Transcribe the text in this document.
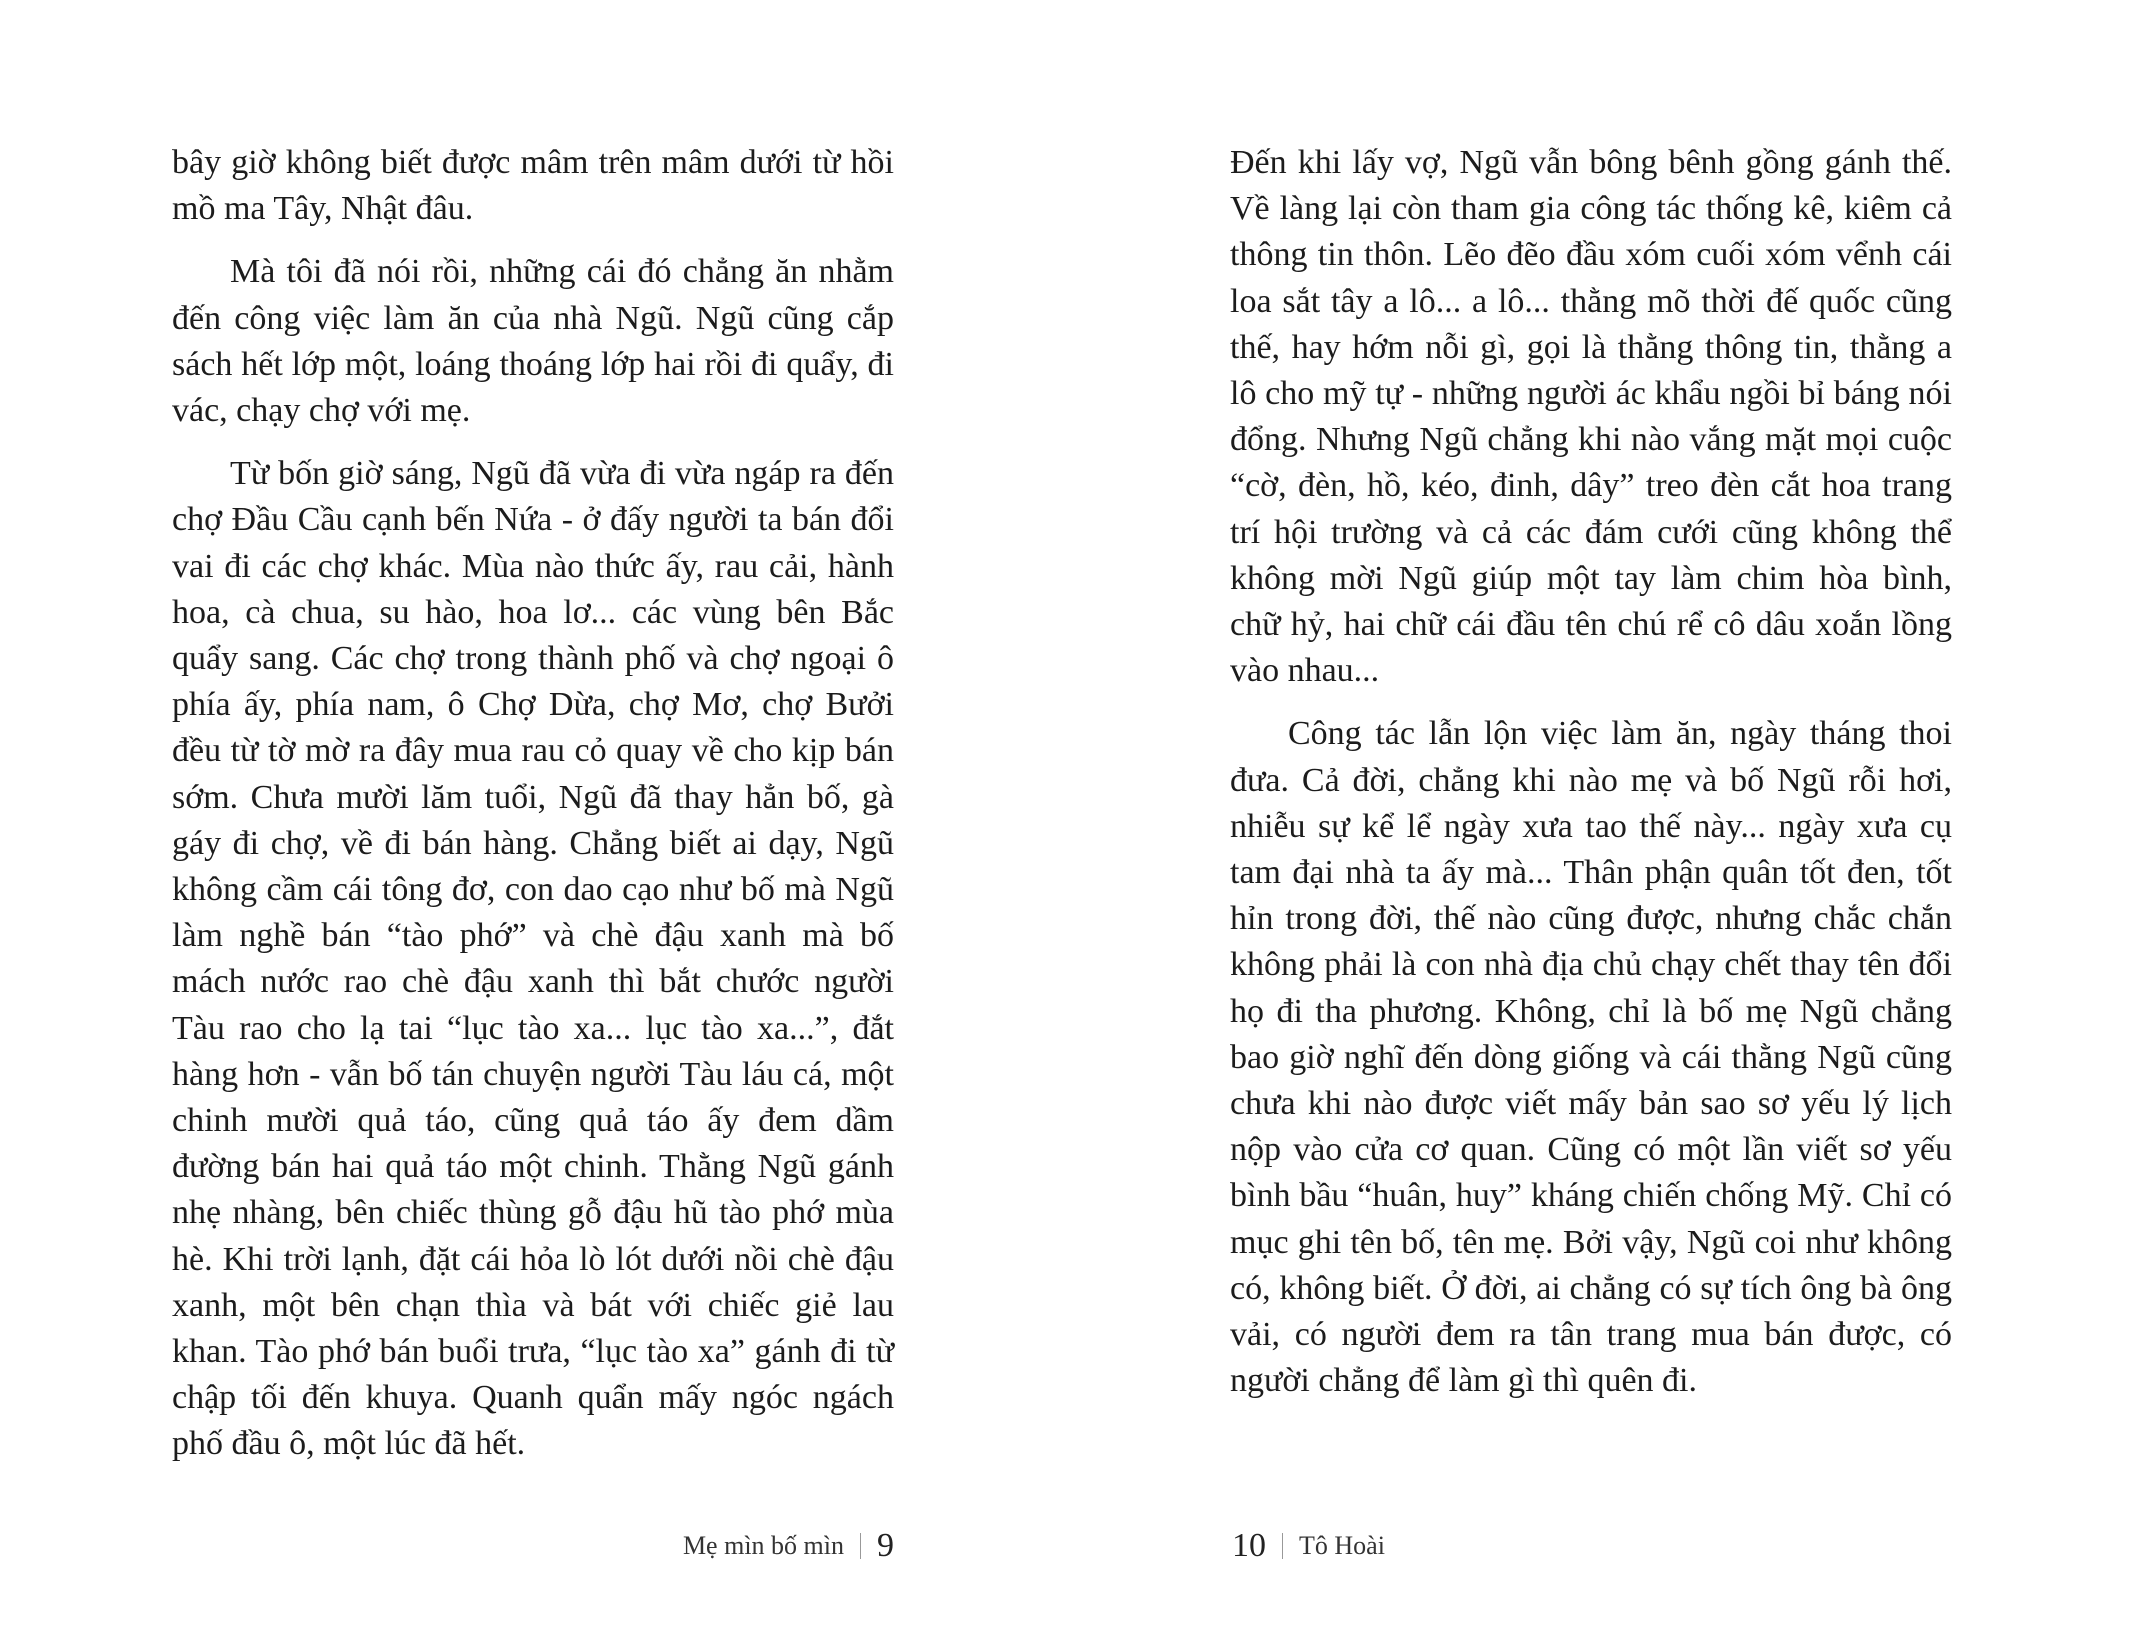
bây giờ không biết được mâm trên mâm dưới từ hồi mồ ma Tây, Nhật đâu.

Mà tôi đã nói rồi, những cái đó chẳng ăn nhằm đến công việc làm ăn của nhà Ngũ. Ngũ cũng cắp sách hết lớp một, loáng thoáng lớp hai rồi đi quẩy, đi vác, chạy chợ với mẹ.

Từ bốn giờ sáng, Ngũ đã vừa đi vừa ngáp ra đến chợ Đầu Cầu cạnh bến Nứa - ở đấy người ta bán đổi vai đi các chợ khác. Mùa nào thức ấy, rau cải, hành hoa, cà chua, su hào, hoa lơ... các vùng bên Bắc quẩy sang. Các chợ trong thành phố và chợ ngoại ô phía ấy, phía nam, ô Chợ Dừa, chợ Mơ, chợ Bưởi đều từ tờ mờ ra đây mua rau cỏ quay về cho kịp bán sớm. Chưa mười lăm tuổi, Ngũ đã thay hẳn bố, gà gáy đi chợ, về đi bán hàng. Chẳng biết ai dạy, Ngũ không cầm cái tông đơ, con dao cạo như bố mà Ngũ làm nghề bán “tào phớ” và chè đậu xanh mà bố mách nước rao chè đậu xanh thì bắt chước người Tàu rao cho lạ tai “lục tào xa... lục tào xa...”, đắt hàng hơn - vẫn bố tán chuyện người Tàu láu cá, một chinh mười quả táo, cũng quả táo ấy đem dầm đường bán hai quả táo một chinh. Thằng Ngũ gánh nhẹ nhàng, bên chiếc thùng gỗ đậu hũ tào phớ mùa hè. Khi trời lạnh, đặt cái hỏa lò lót dưới nồi chè đậu xanh, một bên chạn thìa và bát với chiếc giẻ lau khan. Tào phớ bán buổi trưa, “lục tào xa” gánh đi từ chập tối đến khuya. Quanh quẩn mấy ngóc ngách phố đầu ô, một lúc đã hết.

Mẹ mìn bố mìn 9

Đến khi lấy vợ, Ngũ vẫn bông bênh gồng gánh thế. Về làng lại còn tham gia công tác thống kê, kiêm cả thông tin thôn. Lẽo đẽo đầu xóm cuối xóm vểnh cái loa sắt tây a lô... a lô... thằng mõ thời đế quốc cũng thế, hay hớm nỗi gì, gọi là thằng thông tin, thằng a lô cho mỹ tự - những người ác khẩu ngồi bỉ báng nói đổng. Nhưng Ngũ chẳng khi nào vắng mặt mọi cuộc “cờ, đèn, hồ, kéo, đinh, dây” treo đèn cắt hoa trang trí hội trường và cả các đám cưới cũng không thể không mời Ngũ giúp một tay làm chim hòa bình, chữ hỷ, hai chữ cái đầu tên chú rể cô dâu xoắn lồng vào nhau...

Công tác lẫn lộn việc làm ăn, ngày tháng thoi đưa. Cả đời, chẳng khi nào mẹ và bố Ngũ rỗi hơi, nhiễu sự kể lể ngày xưa tao thế này... ngày xưa cụ tam đại nhà ta ấy mà... Thân phận quân tốt đen, tốt hỉn trong đời, thế nào cũng được, nhưng chắc chắn không phải là con nhà địa chủ chạy chết thay tên đổi họ đi tha phương. Không, chỉ là bố mẹ Ngũ chẳng bao giờ nghĩ đến dòng giống và cái thằng Ngũ cũng chưa khi nào được viết mấy bản sao sơ yếu lý lịch nộp vào cửa cơ quan. Cũng có một lần viết sơ yếu bình bầu “huân, huy” kháng chiến chống Mỹ. Chỉ có mục ghi tên bố, tên mẹ. Bởi vậy, Ngũ coi như không có, không biết. Ở đời, ai chẳng có sự tích ông bà ông vải, có người đem ra tân trang mua bán được, có người chẳng để làm gì thì quên đi.

10 Tô Hoài
